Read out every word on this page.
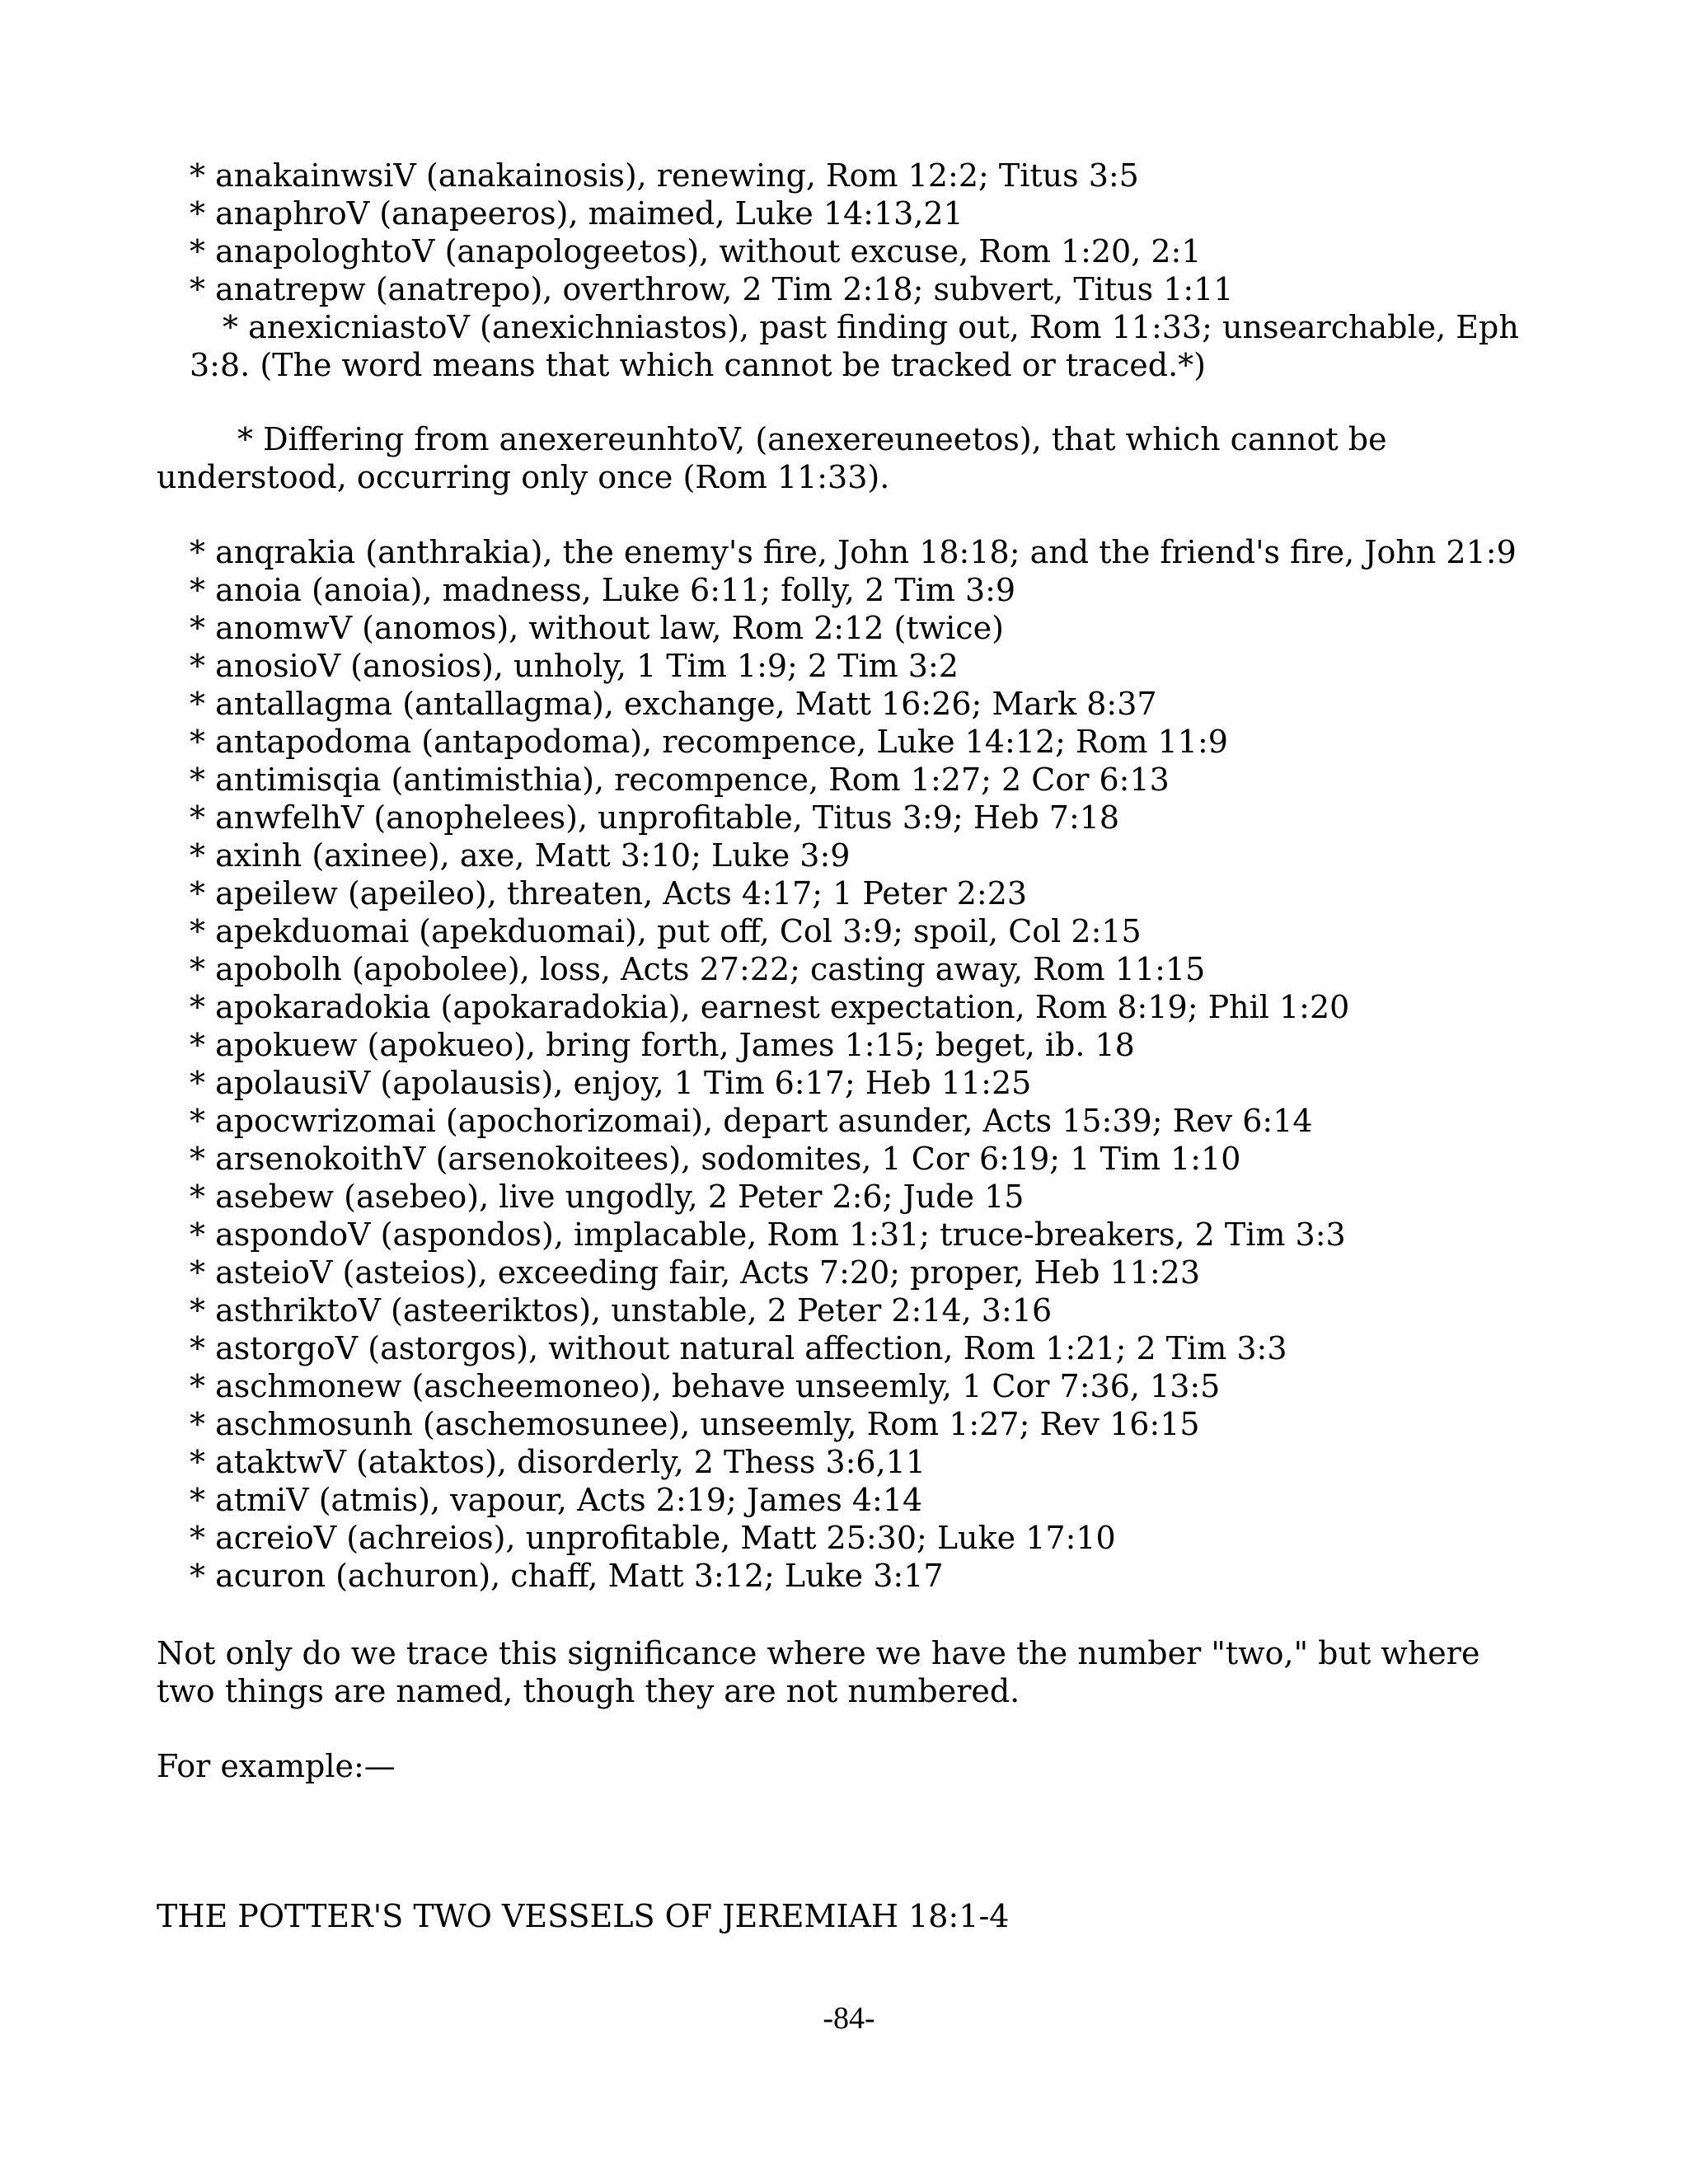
* anakainwsiV (anakainosis), renewing, Rom 12:2; Titus 3:5
* anaphroV (anapeeros), maimed, Luke 14:13,21
* anapologhtoV (anapologeetos), without excuse, Rom 1:20, 2:1
* anatrepw (anatrepo), overthrow, 2 Tim 2:18; subvert, Titus 1:11
* anexicniastoV (anexichniastos), past finding out, Rom 11:33; unsearchable, Eph 3:8. (The word means that which cannot be tracked or traced.*)
* Differing from anexereunhtoV, (anexereuneetos), that which cannot be understood, occurring only once (Rom 11:33).
* anqrakia (anthrakia), the enemy's fire, John 18:18; and the friend's fire, John 21:9
* anoia (anoia), madness, Luke 6:11; folly, 2 Tim 3:9
* anomwV (anomos), without law, Rom 2:12 (twice)
* anosioV (anosios), unholy, 1 Tim 1:9; 2 Tim 3:2
* antallagma (antallagma), exchange, Matt 16:26; Mark 8:37
* antapodoma (antapodoma), recompence, Luke 14:12; Rom 11:9
* antimisqia (antimisthia), recompence, Rom 1:27; 2 Cor 6:13
* anwfelhV (anophelees), unprofitable, Titus 3:9; Heb 7:18
* axinh (axinee), axe, Matt 3:10; Luke 3:9
* apeilew (apeileo), threaten, Acts 4:17; 1 Peter 2:23
* apekduomai (apekduomai), put off, Col 3:9; spoil, Col 2:15
* apobolh (apobolee), loss, Acts 27:22; casting away, Rom 11:15
* apokaradokia (apokaradokia), earnest expectation, Rom 8:19; Phil 1:20
* apokuew (apokueo), bring forth, James 1:15; beget, ib. 18
* apolausiV (apolausis), enjoy, 1 Tim 6:17; Heb 11:25
* apocwrizomai (apochorizomai), depart asunder, Acts 15:39; Rev 6:14
* arsenokoithV (arsenokoitees), sodomites, 1 Cor 6:19; 1 Tim 1:10
* asebew (asebeo), live ungodly, 2 Peter 2:6; Jude 15
* aspondoV (aspondos), implacable, Rom 1:31; truce-breakers, 2 Tim 3:3
* asteioV (asteios), exceeding fair, Acts 7:20; proper, Heb 11:23
* asthriktoV (asteeriktos), unstable, 2 Peter 2:14, 3:16
* astorgoV (astorgos), without natural affection, Rom 1:21; 2 Tim 3:3
* aschmonew (ascheemoneo), behave unseemly, 1 Cor 7:36, 13:5
* aschmosunh (aschemosunee), unseemly, Rom 1:27; Rev 16:15
* ataktwV (ataktos), disorderly, 2 Thess 3:6,11
* atmiV (atmis), vapour, Acts 2:19; James 4:14
* acreioV (achreios), unprofitable, Matt 25:30; Luke 17:10
* acuron (achuron), chaff, Matt 3:12; Luke 3:17
Not only do we trace this significance where we have the number "two," but where two things are named, though they are not numbered.
For example:—
THE POTTER'S TWO VESSELS OF JEREMIAH 18:1-4
-84-
